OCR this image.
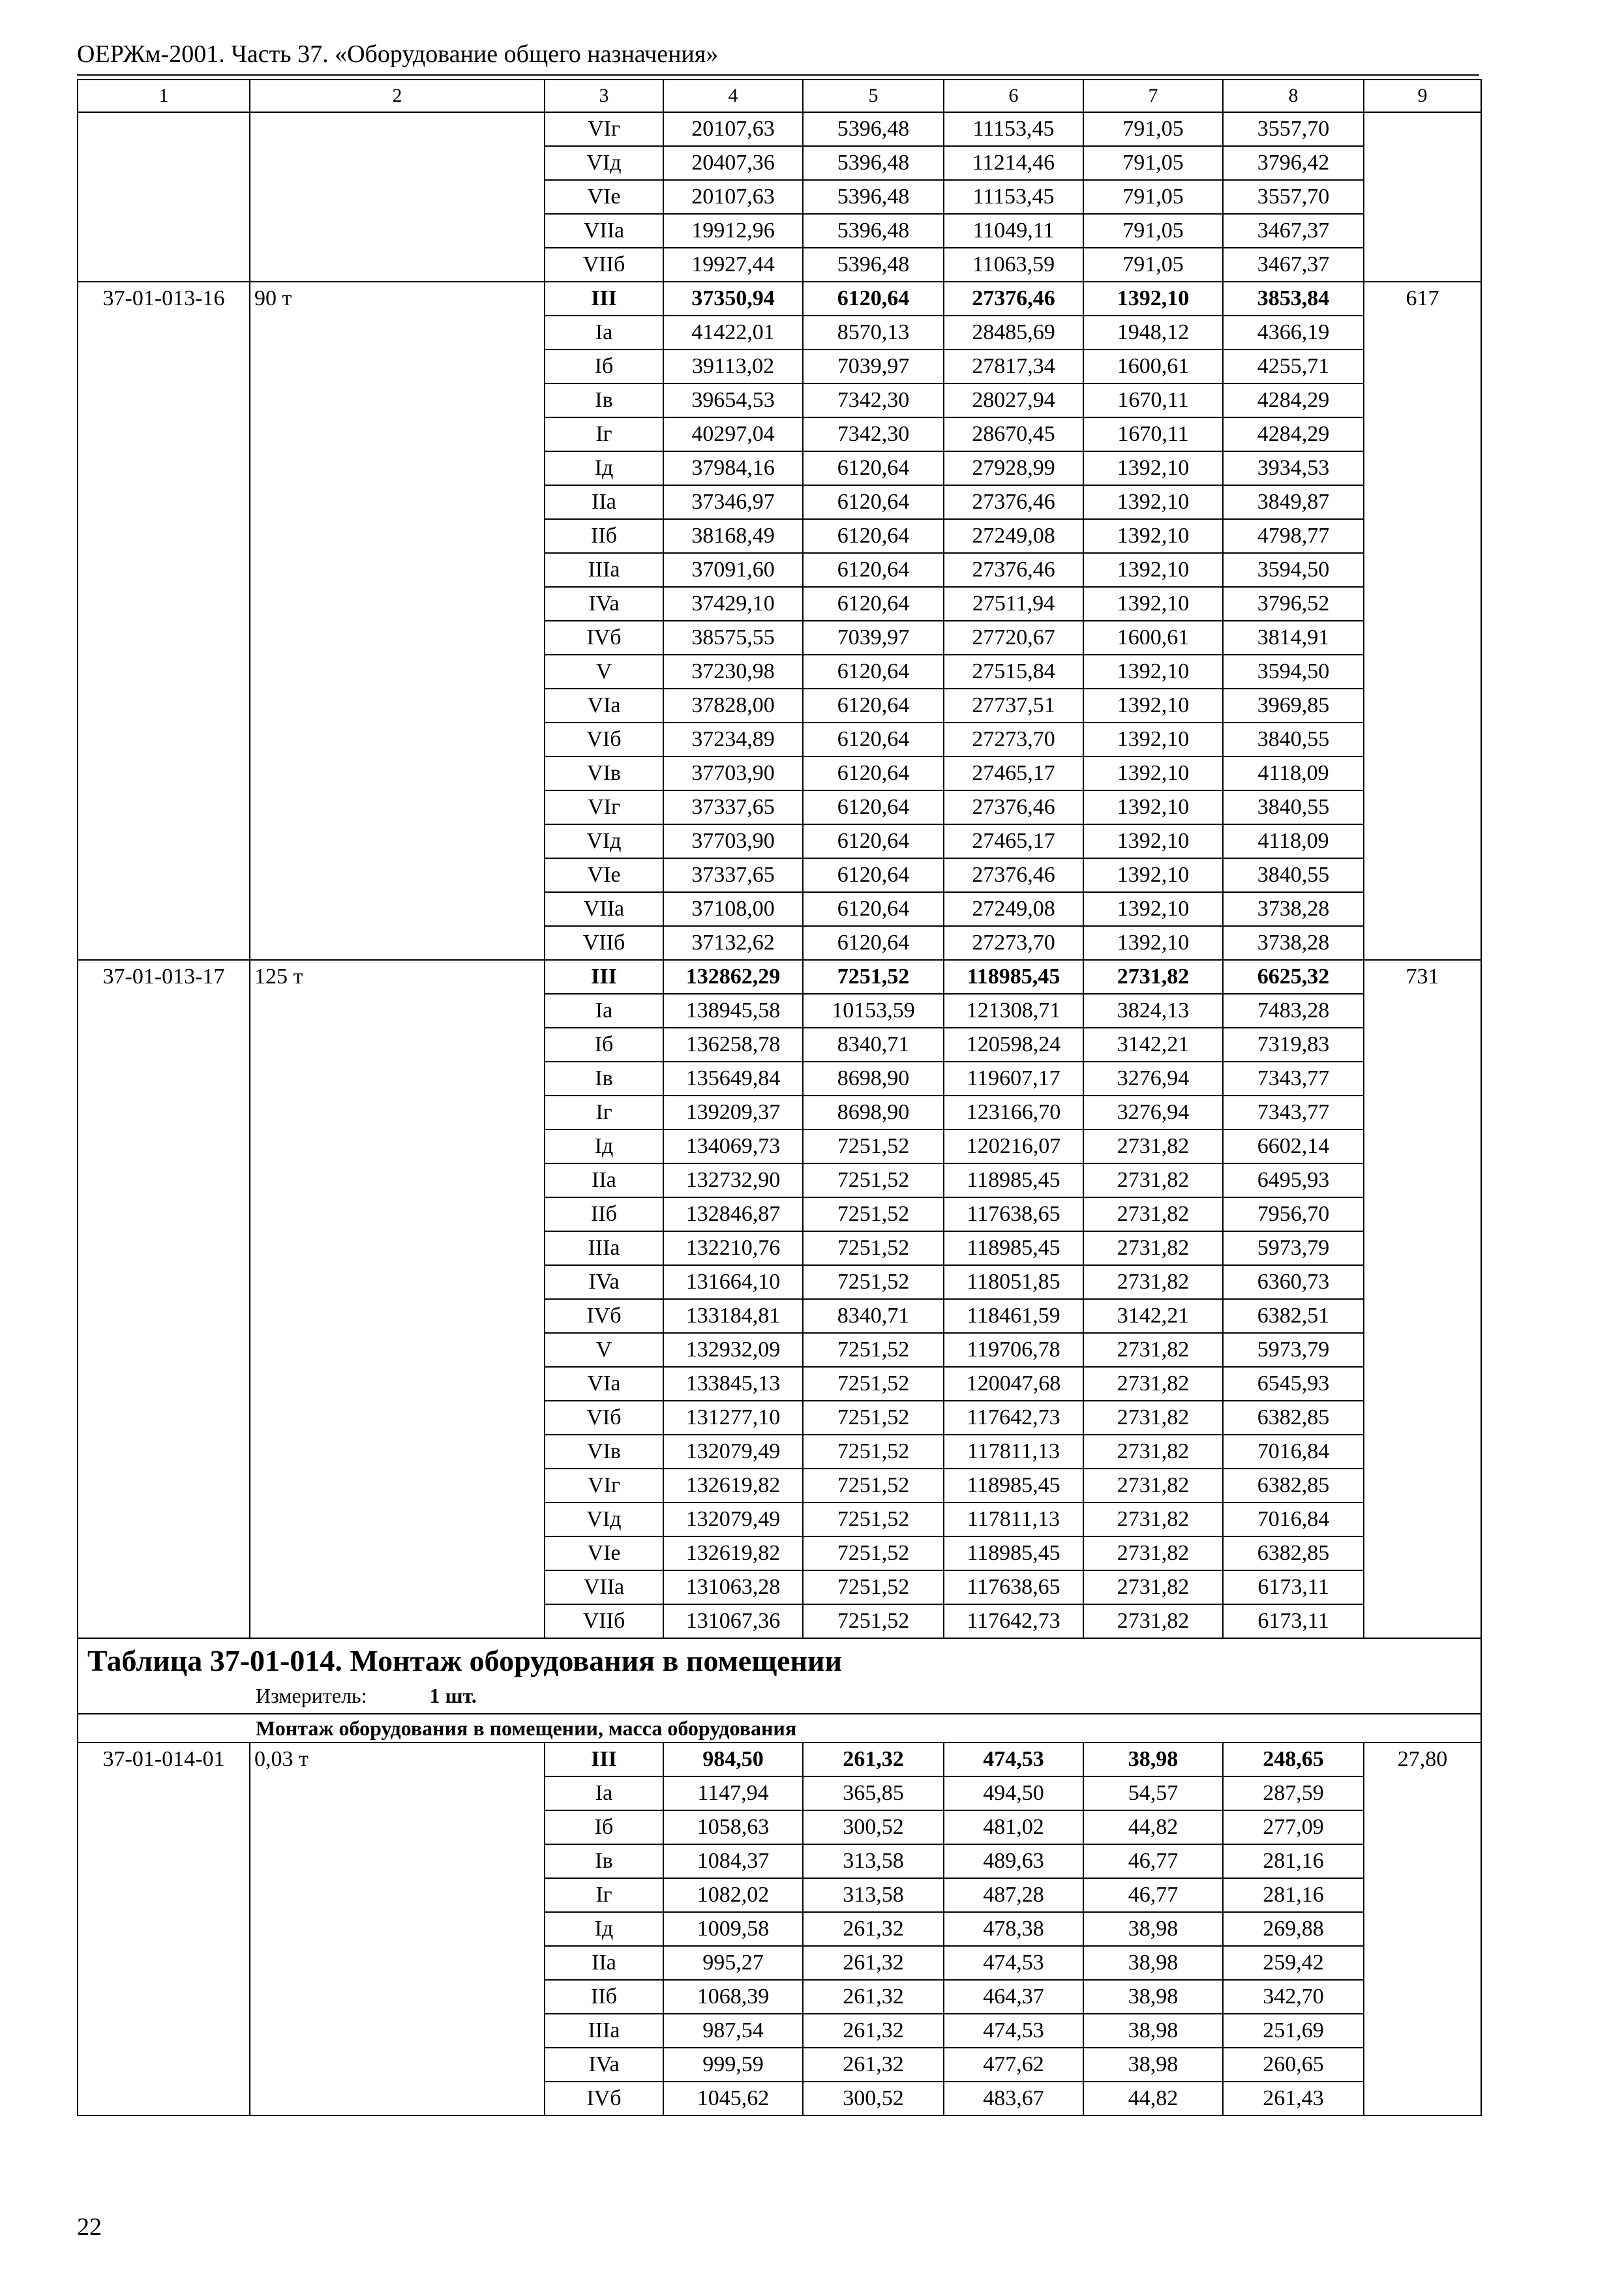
ОЕРЖм-2001. Часть 37. «Оборудование общего назначения»
1	2	3	4	5	6	7	8	9
		VIг	20107,63	5396,48	11153,45	791,05	3557,70	
		VIд	20407,36	5396,48	11214,46	791,05	3796,42	
		VIe	20107,63	5396,48	11153,45	791,05	3557,70	
		VIIa	19912,96	5396,48	11049,11	791,05	3467,37	
		VIIб	19927,44	5396,48	11063,59	791,05	3467,37	
37-01-013-16	90 т	III	37350,94	6120,64	27376,46	1392,10	3853,84	617
		Ia	41422,01	8570,13	28485,69	1948,12	4366,19	
		Iб	39113,02	7039,97	27817,34	1600,61	4255,71	
		Iв	39654,53	7342,30	28027,94	1670,11	4284,29	
		Iг	40297,04	7342,30	28670,45	1670,11	4284,29	
		Iд	37984,16	6120,64	27928,99	1392,10	3934,53	
		IIa	37346,97	6120,64	27376,46	1392,10	3849,87	
		IIб	38168,49	6120,64	27249,08	1392,10	4798,77	
		IIIa	37091,60	6120,64	27376,46	1392,10	3594,50	
		IVa	37429,10	6120,64	27511,94	1392,10	3796,52	
		IVб	38575,55	7039,97	27720,67	1600,61	3814,91	
		V	37230,98	6120,64	27515,84	1392,10	3594,50	
		VIa	37828,00	6120,64	27737,51	1392,10	3969,85	
		VIб	37234,89	6120,64	27273,70	1392,10	3840,55	
		VIв	37703,90	6120,64	27465,17	1392,10	4118,09	
		VIг	37337,65	6120,64	27376,46	1392,10	3840,55	
		VIд	37703,90	6120,64	27465,17	1392,10	4118,09	
		VIe	37337,65	6120,64	27376,46	1392,10	3840,55	
		VIIa	37108,00	6120,64	27249,08	1392,10	3738,28	
		VIIб	37132,62	6120,64	27273,70	1392,10	3738,28	
37-01-013-17	125 т	III	132862,29	7251,52	118985,45	2731,82	6625,32	731
		Ia	138945,58	10153,59	121308,71	3824,13	7483,28	
		Iб	136258,78	8340,71	120598,24	3142,21	7319,83	
		Iв	135649,84	8698,90	119607,17	3276,94	7343,77	
		Iг	139209,37	8698,90	123166,70	3276,94	7343,77	
		Iд	134069,73	7251,52	120216,07	2731,82	6602,14	
		IIa	132732,90	7251,52	118985,45	2731,82	6495,93	
		IIб	132846,87	7251,52	117638,65	2731,82	7956,70	
		IIIa	132210,76	7251,52	118985,45	2731,82	5973,79	
		IVa	131664,10	7251,52	118051,85	2731,82	6360,73	
		IVб	133184,81	8340,71	118461,59	3142,21	6382,51	
		V	132932,09	7251,52	119706,78	2731,82	5973,79	
		VIa	133845,13	7251,52	120047,68	2731,82	6545,93	
		VIб	131277,10	7251,52	117642,73	2731,82	6382,85	
		VIв	132079,49	7251,52	117811,13	2731,82	7016,84	
		VIг	132619,82	7251,52	118985,45	2731,82	6382,85	
		VIд	132079,49	7251,52	117811,13	2731,82	7016,84	
		VIe	132619,82	7251,52	118985,45	2731,82	6382,85	
		VIIa	131063,28	7251,52	117638,65	2731,82	6173,11	
		VIIб	131067,36	7251,52	117642,73	2731,82	6173,11	

Таблица 37-01-014. Монтаж оборудования в помещении
Измеритель: 1 шт.								

Монтаж оборудования в помещении, масса оборудования								
37-01-014-01	0,03 т	III	984,50	261,32	474,53	38,98	248,65	27,80
		Ia	1147,94	365,85	494,50	54,57	287,59	
		Iб	1058,63	300,52	481,02	44,82	277,09	
		Iв	1084,37	313,58	489,63	46,77	281,16	
		Iг	1082,02	313,58	487,28	46,77	281,16	
		Iд	1009,58	261,32	478,38	38,98	269,88	
		IIa	995,27	261,32	474,53	38,98	259,42	
		IIб	1068,39	261,32	464,37	38,98	342,70	
		IIIa	987,54	261,32	474,53	38,98	251,69	
		IVa	999,59	261,32	477,62	38,98	260,65	
		IVб	1045,62	300,52	483,67	44,82	261,43	
22
